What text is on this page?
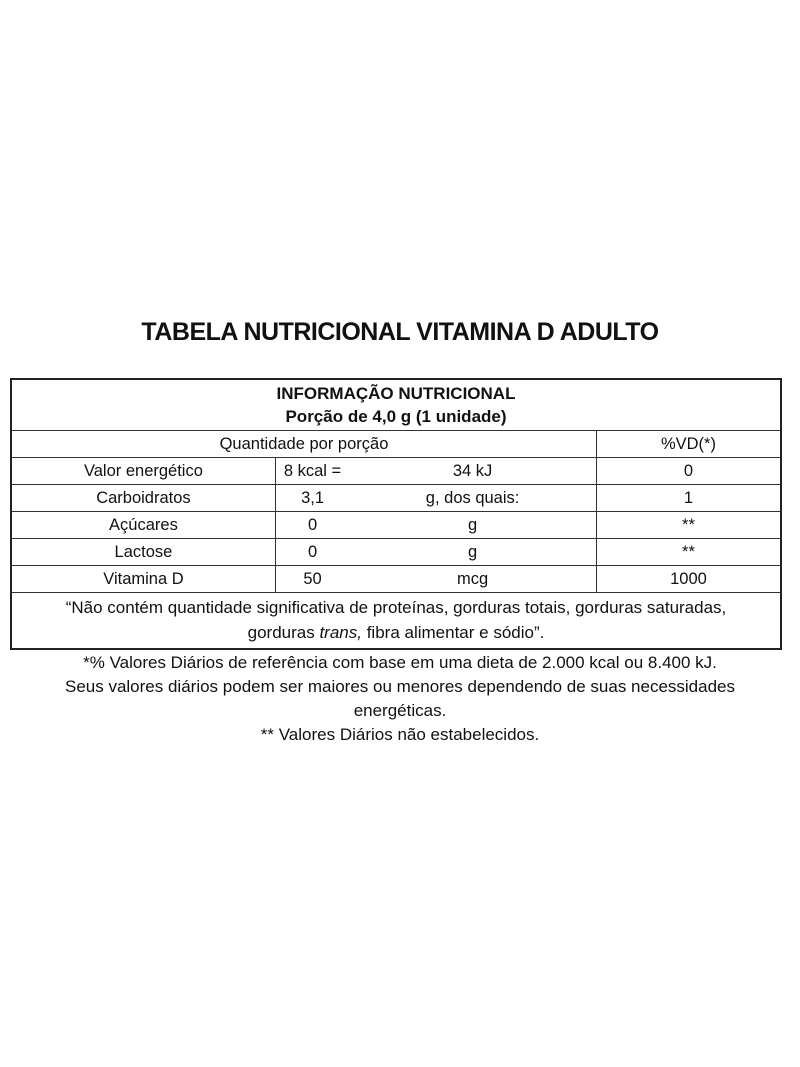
TABELA NUTRICIONAL VITAMINA D ADULTO
INFORMAÇÃO NUTRICIONAL
Porção de 4,0 g (1 unidade)			

Quantidade por porção			%VD(*)
Valor energético	8 kcal =	34 kJ	0
Carboidratos	3,1	g, dos quais:	1
Açúcares	0	g	**
Lactose	0	g	**
Vitamina D	50	mcg	1000

“Não contém quantidade significativa de proteínas, gorduras totais, gorduras saturadas,
gorduras trans, fibra alimentar e sódio”.			
*% Valores Diários de referência com base em uma dieta de 2.000 kcal ou 8.400 kJ.
Seus valores diários podem ser maiores ou menores dependendo de suas necessidades
energéticas.
** Valores Diários não estabelecidos.
